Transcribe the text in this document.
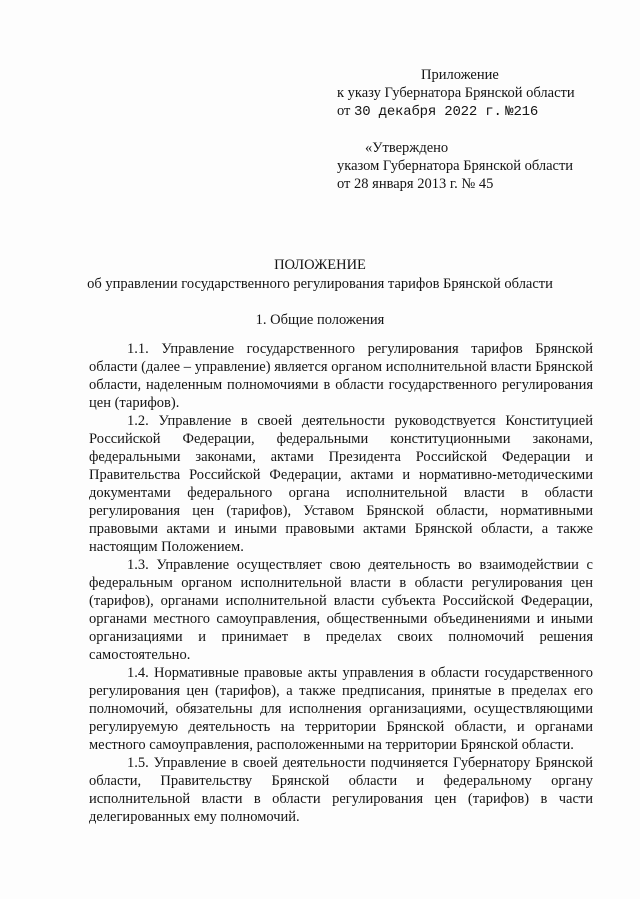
Приложение
к указу Губернатора Брянской области
от 30 декабря 2022 г. №216
«Утверждено
указом Губернатора Брянской области
от 28 января 2013 г. № 45
ПОЛОЖЕНИЕ
об управлении государственного регулирования тарифов Брянской области
1. Общие положения

1.1. Управление государственного регулирования тарифов Брянской области (далее – управление) является органом исполнительной власти Брянской области, наделенным полномочиями в области государственного регулирования цен (тарифов).

1.2. Управление в своей деятельности руководствуется Конституцией Российской Федерации, федеральными конституционными законами, федеральными законами, актами Президента Российской Федерации и Правительства Российской Федерации, актами и нормативно-методическими документами федерального органа исполнительной власти в области регулирования цен (тарифов), Уставом Брянской области, нормативными правовыми актами и иными правовыми актами Брянской области, а также настоящим Положением.

1.3. Управление осуществляет свою деятельность во взаимодействии с федеральным органом исполнительной власти в области регулирования цен (тарифов), органами исполнительной власти субъекта Российской Федерации, органами местного самоуправления, общественными объединениями и иными организациями и принимает в пределах своих полномочий решения самостоятельно.

1.4. Нормативные правовые акты управления в области государственного регулирования цен (тарифов), а также предписания, принятые в пределах его полномочий, обязательны для исполнения организациями, осуществляющими регулируемую деятельность на территории Брянской области, и органами местного самоуправления, расположенными на территории Брянской области.

1.5. Управление в своей деятельности подчиняется Губернатору Брянской области, Правительству Брянской области и федеральному органу исполнительной власти в области регулирования цен (тарифов) в части делегированных ему полномочий.
